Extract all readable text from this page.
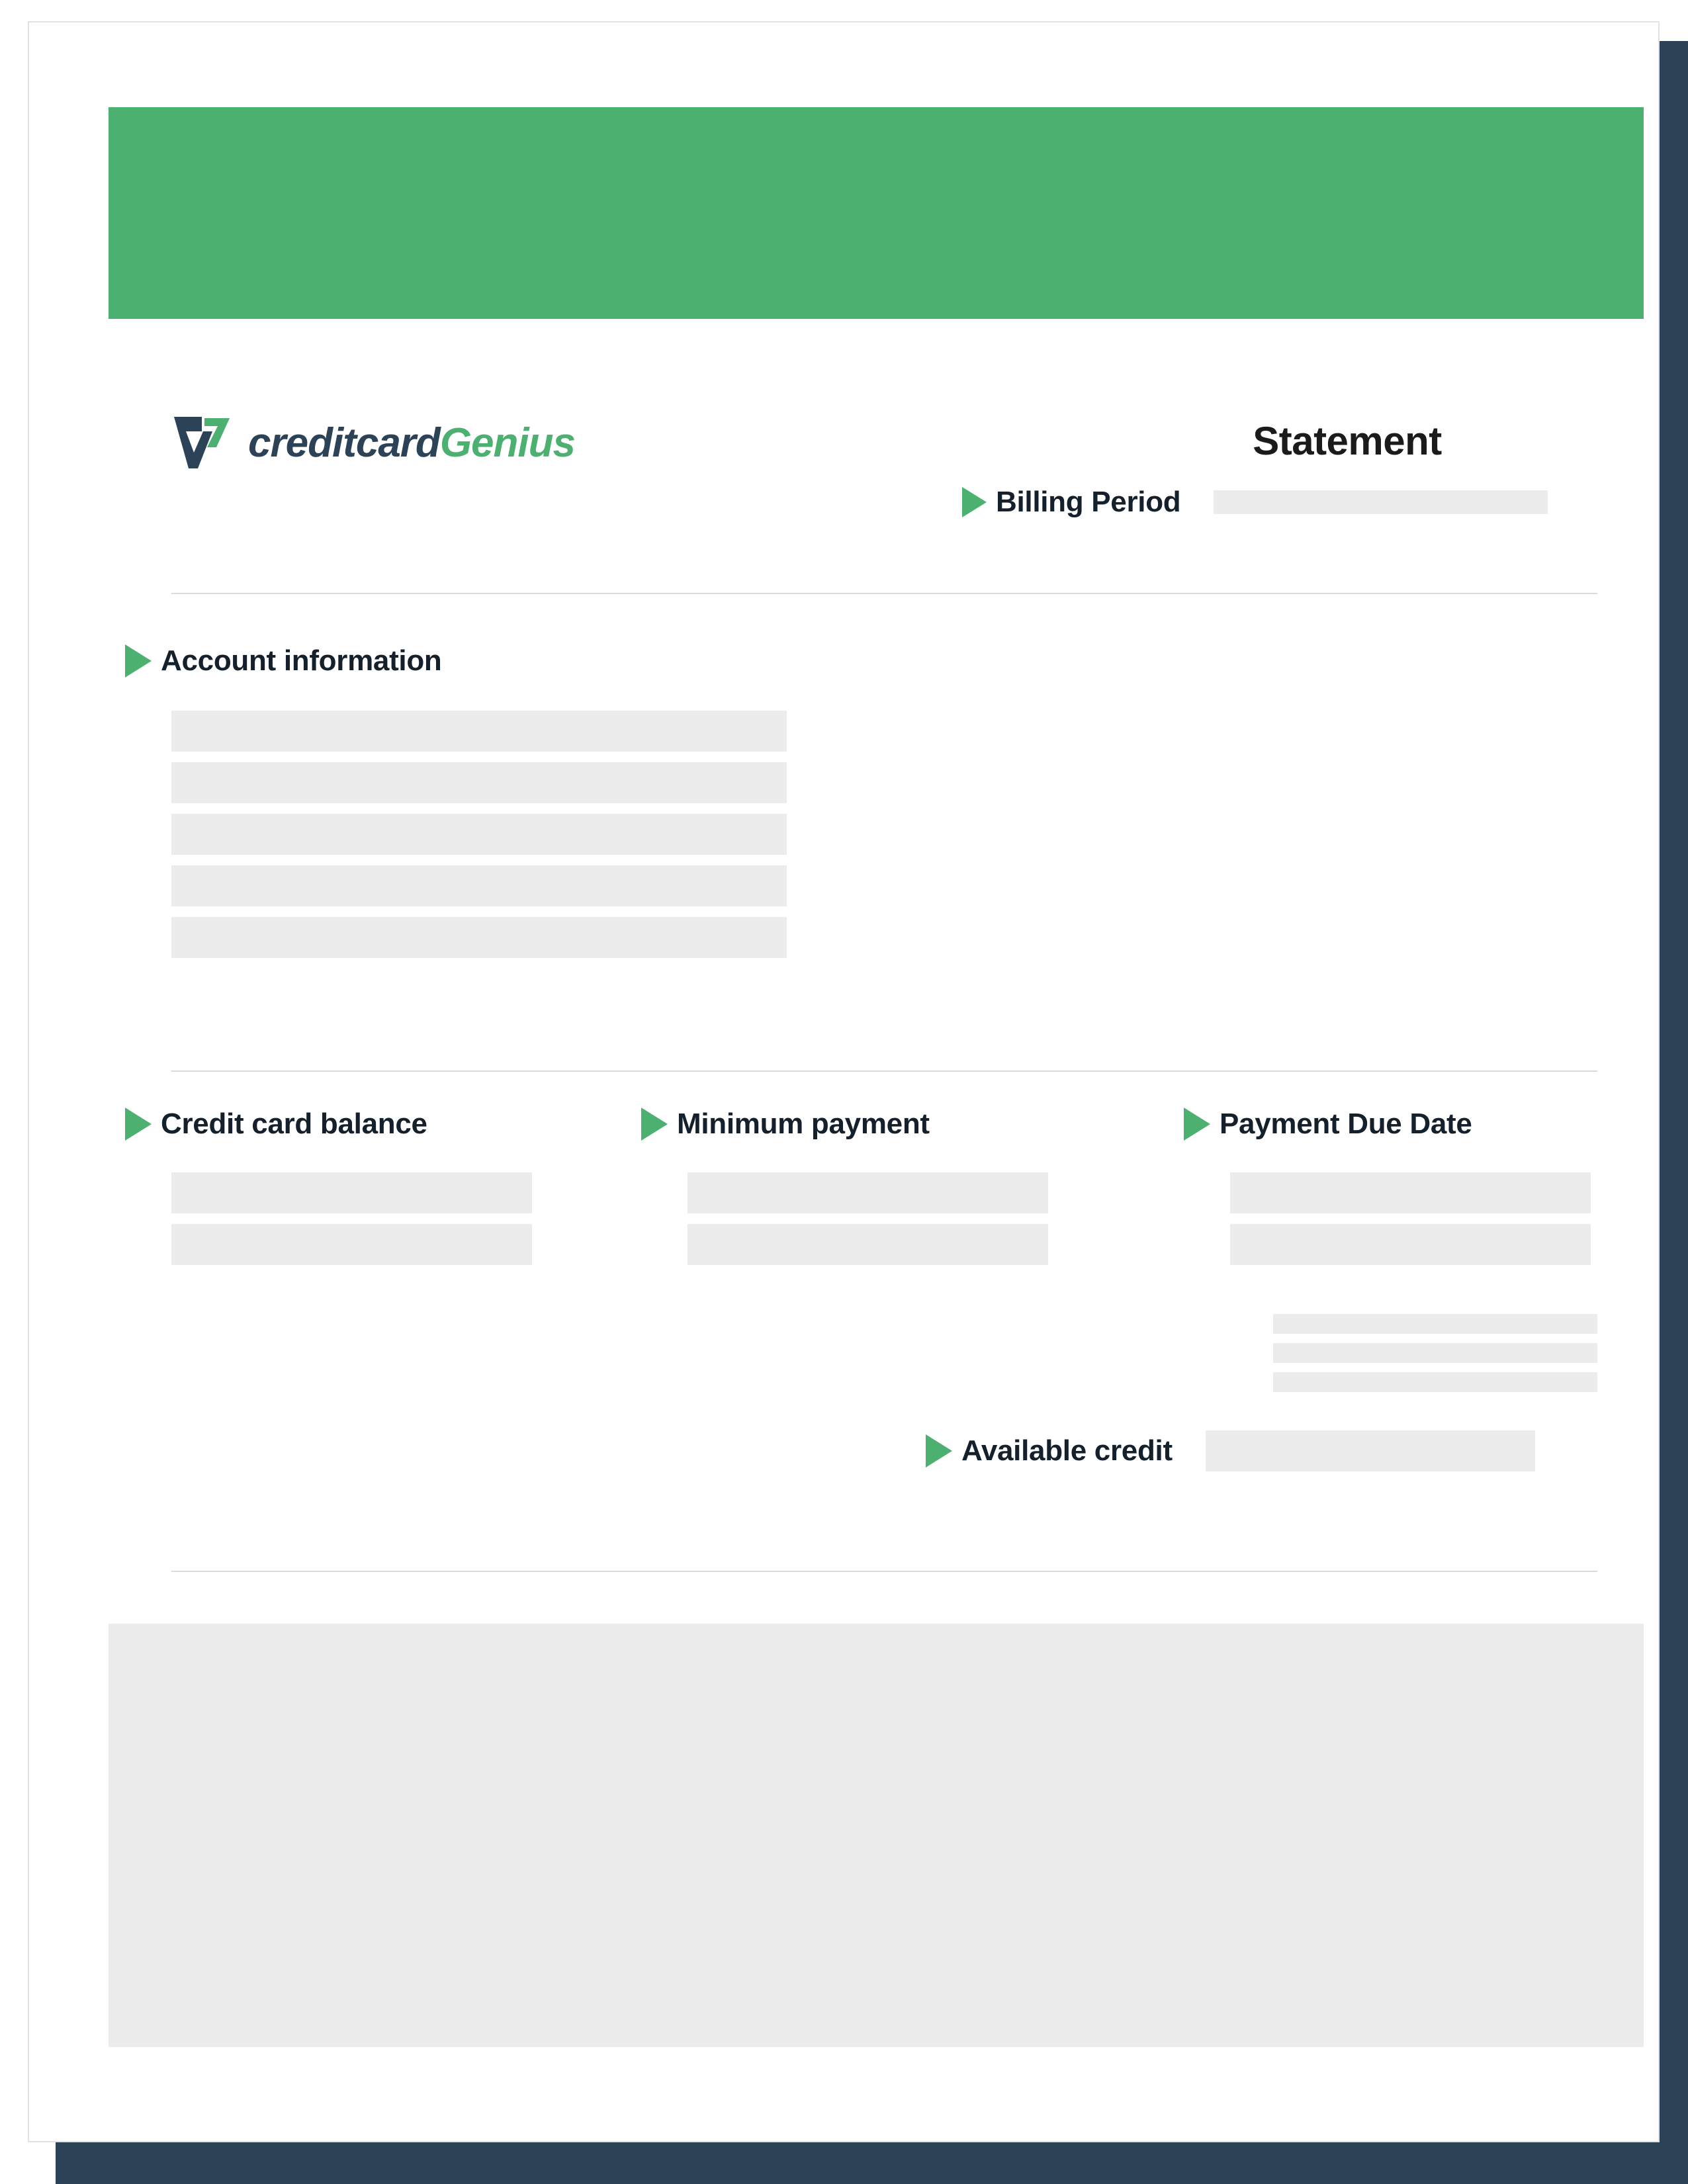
creditcardGenius	Statement
Billing Period
Account information
Credit card balance	Minimum payment	Payment Due Date
Available credit
